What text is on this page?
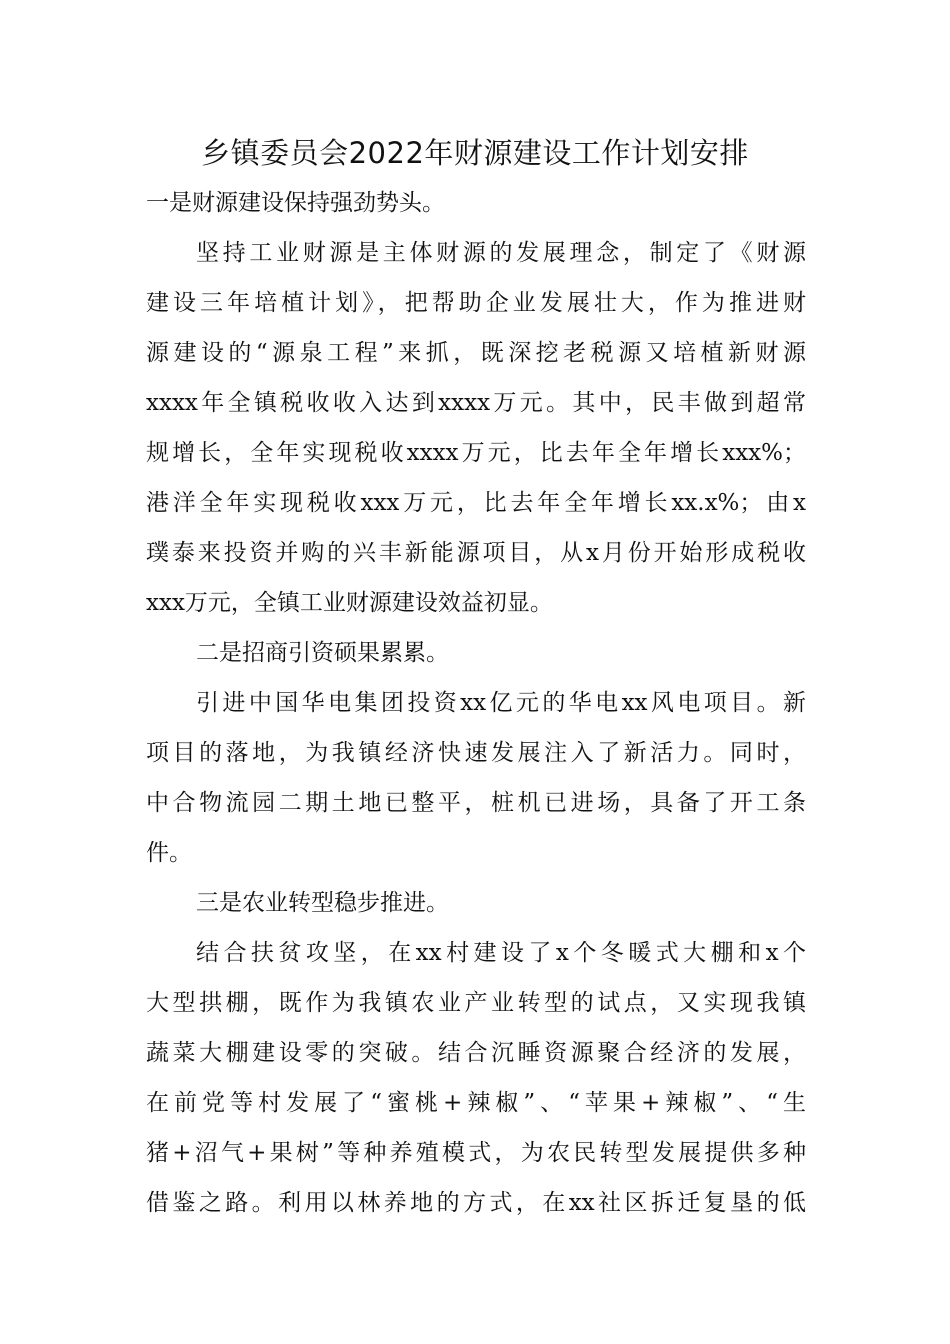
乡镇委员会2022年财源建设工作计划安排
一是财源建设保持强劲势头。
坚持工业财源是主体财源的发展理念，制定了《财源
建设三年培植计划》，把帮助企业发展壮大，作为推进财
源建设的“源泉工程”来抓，既深挖老税源又培植新财源
xxxx年全镇税收收入达到xxxx万元。其中，民丰做到超常
规增长，全年实现税收xxxx万元，比去年全年增长xxx%；
港洋全年实现税收xxx万元，比去年全年增长xx.x%；由x
璞泰来投资并购的兴丰新能源项目，从x月份开始形成税收
xxx万元，全镇工业财源建设效益初显。
二是招商引资硕果累累。
引进中国华电集团投资xx亿元的华电xx风电项目。新
项目的落地，为我镇经济快速发展注入了新活力。同时，
中合物流园二期土地已整平，桩机已进场，具备了开工条
件。
三是农业转型稳步推进。
结合扶贫攻坚，在xx村建设了x个冬暖式大棚和x个
大型拱棚，既作为我镇农业产业转型的试点，又实现我镇
蔬菜大棚建设零的突破。结合沉睡资源聚合经济的发展，
在前党等村发展了“蜜桃+辣椒”、“苹果+辣椒”、“生
猪+沼气+果树”等种养殖模式，为农民转型发展提供多种
借鉴之路。利用以林养地的方式，在xx社区拆迁复垦的低
